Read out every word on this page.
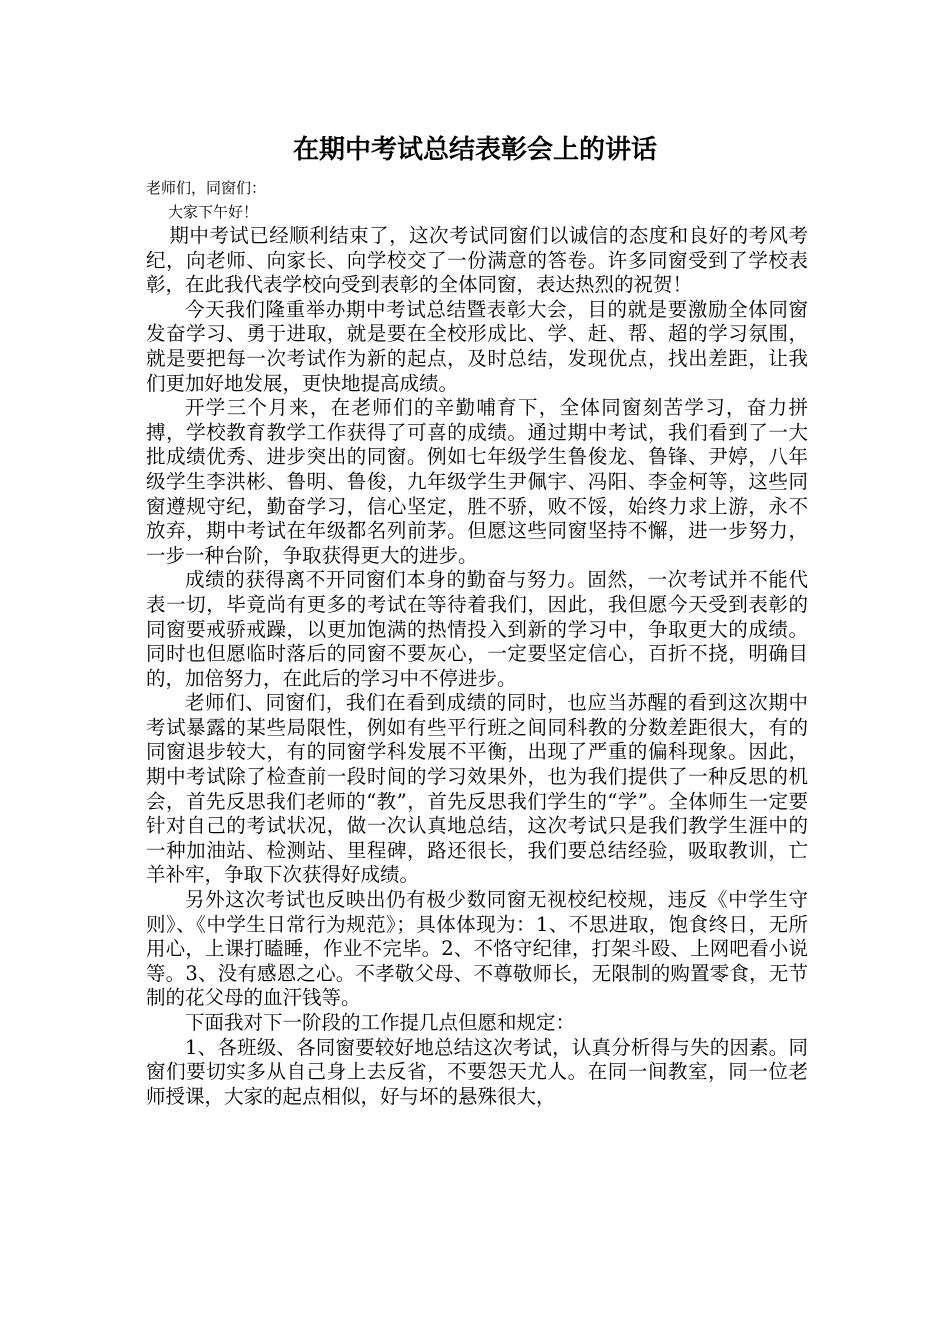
在期中考试总结表彰会上的讲话
老师们，同窗们：
大家下午好！

期中考试已经顺利结束了，这次考试同窗们以诚信的态度和良好的考风考纪，向老师、向家长、向学校交了一份满意的答卷。许多同窗受到了学校表彰，在此我代表学校向受到表彰的全体同窗，表达热烈的祝贺！

今天我们隆重举办期中考试总结暨表彰大会，目的就是要激励全体同窗发奋学习、勇于进取，就是要在全校形成比、学、赶、帮、超的学习氛围，就是要把每一次考试作为新的起点，及时总结，发现优点，找出差距，让我们更加好地发展，更快地提高成绩。

开学三个月来，在老师们的辛勤哺育下，全体同窗刻苦学习，奋力拼搏，学校教育教学工作获得了可喜的成绩。通过期中考试，我们看到了一大批成绩优秀、进步突出的同窗。例如七年级学生鲁俊龙、鲁锋、尹婷，八年级学生李洪彬、鲁明、鲁俊，九年级学生尹佩宇、冯阳、李金柯等，这些同窗遵规守纪，勤奋学习，信心坚定，胜不骄，败不馁，始终力求上游，永不放弃，期中考试在年级都名列前茅。但愿这些同窗坚持不懈，进一步努力，一步一种台阶，争取获得更大的进步。

成绩的获得离不开同窗们本身的勤奋与努力。固然，一次考试并不能代表一切，毕竟尚有更多的考试在等待着我们，因此，我但愿今天受到表彰的同窗要戒骄戒躁，以更加饱满的热情投入到新的学习中，争取更大的成绩。同时也但愿临时落后的同窗不要灰心，一定要坚定信心，百折不挠，明确目的，加倍努力，在此后的学习中不停进步。

老师们、同窗们，我们在看到成绩的同时，也应当苏醒的看到这次期中考试暴露的某些局限性，例如有些平行班之间同科教的分数差距很大，有的同窗退步较大，有的同窗学科发展不平衡，出现了严重的偏科现象。因此，期中考试除了检查前一段时间的学习效果外，也为我们提供了一种反思的机会，首先反思我们老师的“教”，首先反思我们学生的“学”。全体师生一定要针对自己的考试状况，做一次认真地总结，这次考试只是我们教学生涯中的一种加油站、检测站、里程碑，路还很长，我们要总结经验，吸取教训，亡羊补牢，争取下次获得好成绩。

另外这次考试也反映出仍有极少数同窗无视校纪校规，违反《中学生守则》、《中学生日常行为规范》；具体体现为：1、不思进取，饱食终日，无所用心，上课打瞌睡，作业不完毕。2、不恪守纪律，打架斗殴、上网吧看小说等。3、没有感恩之心。不孝敬父母、不尊敬师长，无限制的购置零食，无节制的花父母的血汗钱等。

下面我对下一阶段的工作提几点但愿和规定：

1、各班级、各同窗要较好地总结这次考试，认真分析得与失的因素。同窗们要切实多从自己身上去反省，不要怨天尤人。在同一间教室，同一位老师授课，大家的起点相似，好与坏的悬殊很大，
